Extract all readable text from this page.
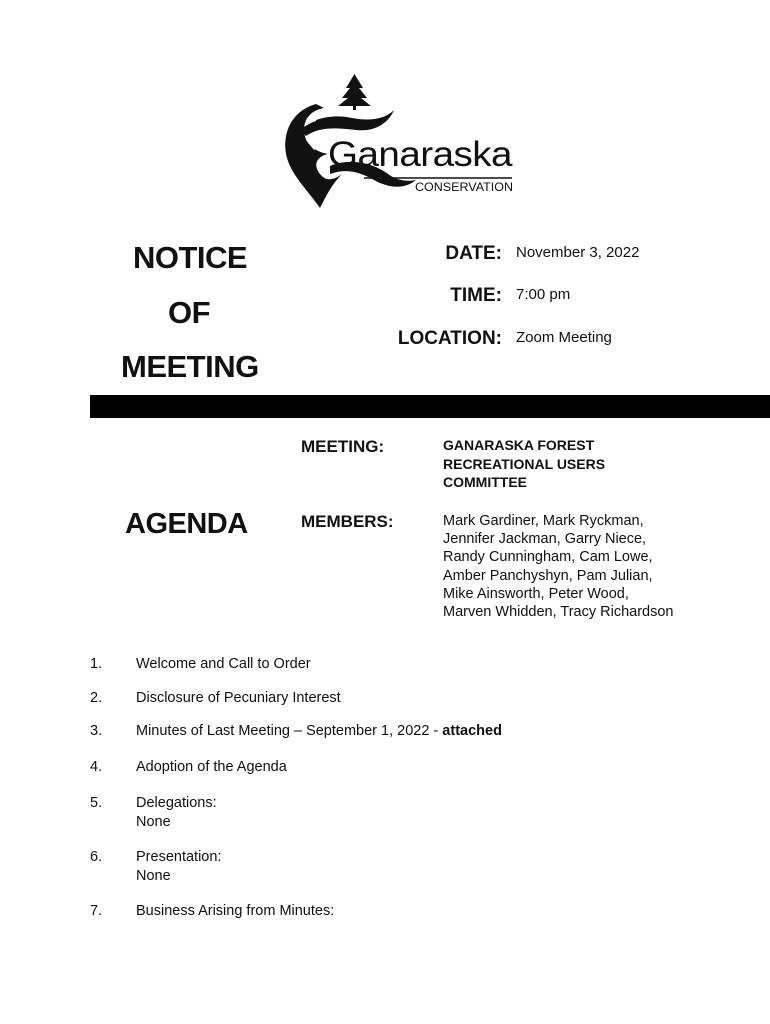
Ganaraska
CONSERVATION
NOTICE
OF
MEETING
DATE: November 3, 2022
TIME: 7:00 pm
LOCATION: Zoom Meeting
AGENDA
MEETING:	GANARASKA FOREST
RECREATIONAL USERS
COMMITTEE
MEMBERS:	Mark Gardiner, Mark Ryckman,
Jennifer Jackman, Garry Niece,
Randy Cunningham, Cam Lowe,
Amber Panchyshyn, Pam Julian,
Mike Ainsworth, Peter Wood,
Marven Whidden, Tracy Richardson
1. Welcome and Call to Order
2. Disclosure of Pecuniary Interest
3. Minutes of Last Meeting – September 1, 2022 - attached
4. Adoption of the Agenda
5. Delegations:
None
6. Presentation:
None
7. Business Arising from Minutes:
